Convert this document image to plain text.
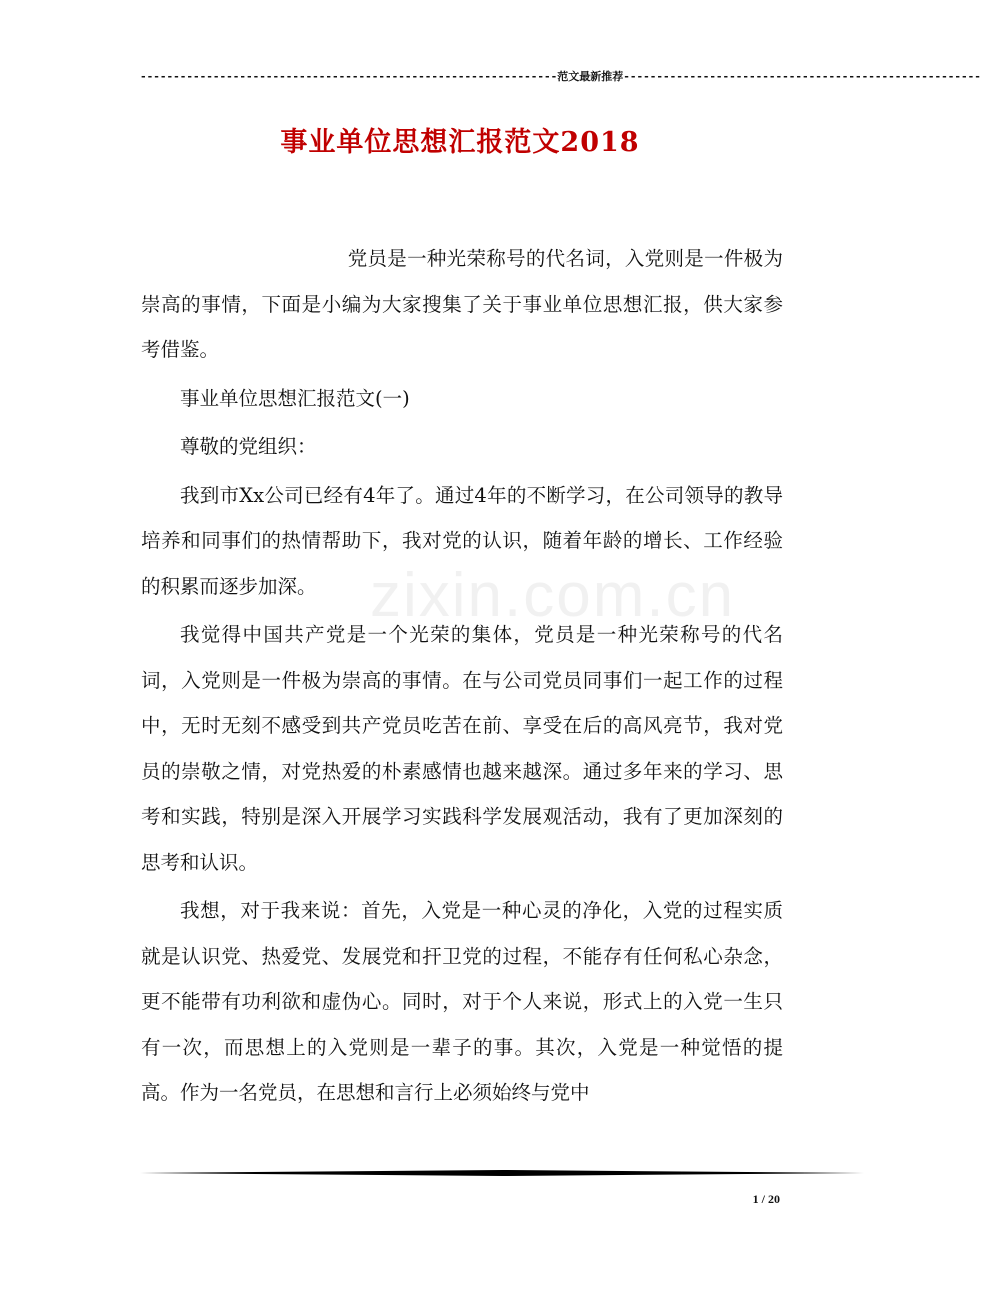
---------------------------------------------------------------范文最新推荐------------------------------------------------------
事业单位思想汇报范文2018
zixin.com.cn

党员是一种光荣称号的代名词，入党则是一件极为崇高的事情，下面是小编为大家搜集了关于事业单位思想汇报，供大家参考借鉴。

事业单位思想汇报范文(一)

尊敬的党组织：

我到市Xx公司已经有4年了。通过4年的不断学习，在公司领导的教导培养和同事们的热情帮助下，我对党的认识，随着年龄的增长、工作经验的积累而逐步加深。

我觉得中国共产党是一个光荣的集体，党员是一种光荣称号的代名词，入党则是一件极为崇高的事情。在与公司党员同事们一起工作的过程中，无时无刻不感受到共产党员吃苦在前、享受在后的高风亮节，我对党员的崇敬之情，对党热爱的朴素感情也越来越深。通过多年来的学习、思考和实践，特别是深入开展学习实践科学发展观活动，我有了更加深刻的思考和认识。

我想，对于我来说：首先，入党是一种心灵的净化，入党的过程实质就是认识党、热爱党、发展党和扞卫党的过程，不能存有任何私心杂念，更不能带有功利欲和虚伪心。同时，对于个人来说，形式上的入党一生只有一次，而思想上的入党则是一辈子的事。其次，入党是一种觉悟的提高。作为一名党员，在思想和言行上必须始终与党中

1 / 20
